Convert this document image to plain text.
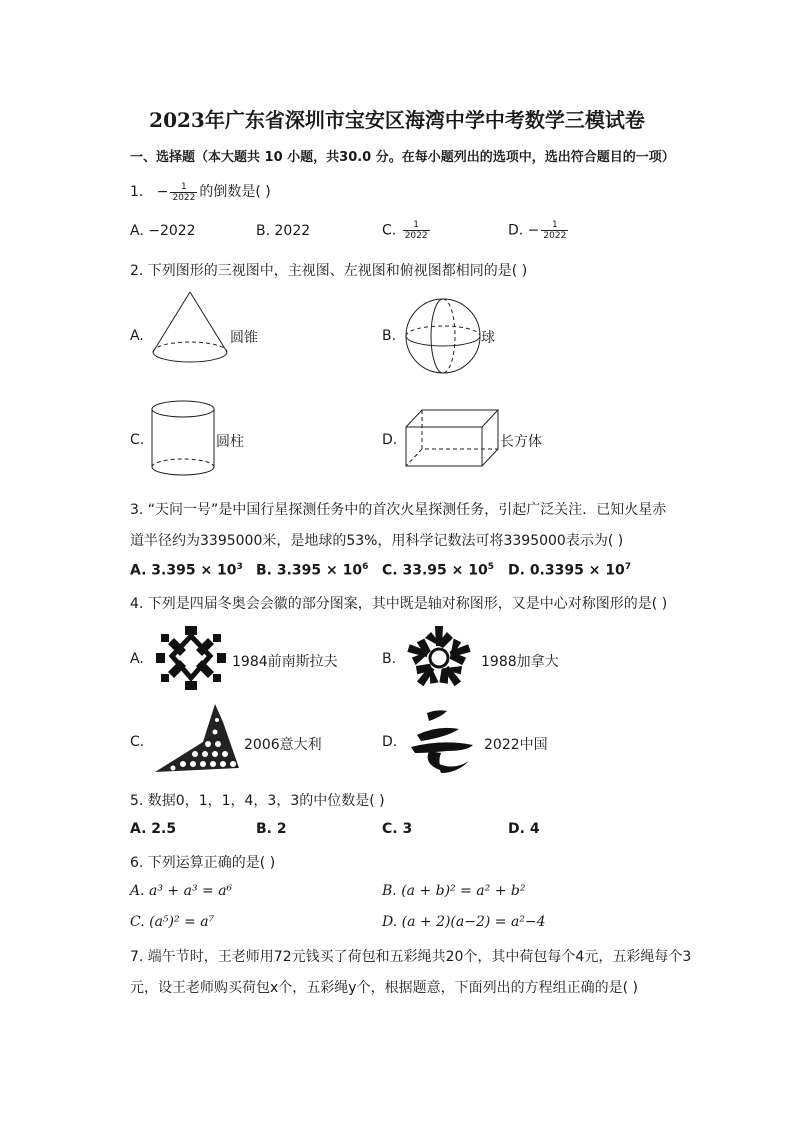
2023年广东省深圳市宝安区海湾中学中考数学三模试卷
一、选择题（本大题共 10 小题，共30.0 分。在每小题列出的选项中，选出符合题目的一项）
1. − $\frac{1}{2022}$ 的倒数是( )
A. −2022	B. 2022	C. $\frac{1}{2022}$	D. − $\frac{1}{2022}$
2. 下列图形的三视图中，主视图、左视图和俯视图都相同的是( )
A.	圆锥	B.	球
C.	圆柱	D.	长方体
3. “天问一号”是中国行星探测任务中的首次火星探测任务，引起广泛关注．已知火星赤
道半径约为3395000米，是地球的53%，用科学记数法可将3395000表示为( )
A. $3.395 \times 10^3$ B. $3.395 \times 10^6$ C. $33.95 \times 10^5$ D. $0.3395 \times 10^7$
4. 下列是四届冬奥会会徽的部分图案，其中既是轴对称图形，又是中心对称图形的是( )
A.	1984前南斯拉夫	B.	1988加拿大
C.	2006意大利	D.	2022中国
5. 数据0，1，1，4，3，3的中位数是( )
A. 2.5	B. 2	C. 3	D. 4
6. 下列运算正确的是( )
A. a³ + a³ = a⁶	B. (a + b)² = a² + b²
C. (a⁵)² = a⁷	D. (a + 2)(a−2) = a²−4
7. 端午节时，王老师用72元钱买了荷包和五彩绳共20个，其中荷包每个4元，五彩绳每个3
元，设王老师购买荷包x个，五彩绳y个，根据题意，下面列出的方程组正确的是( )
